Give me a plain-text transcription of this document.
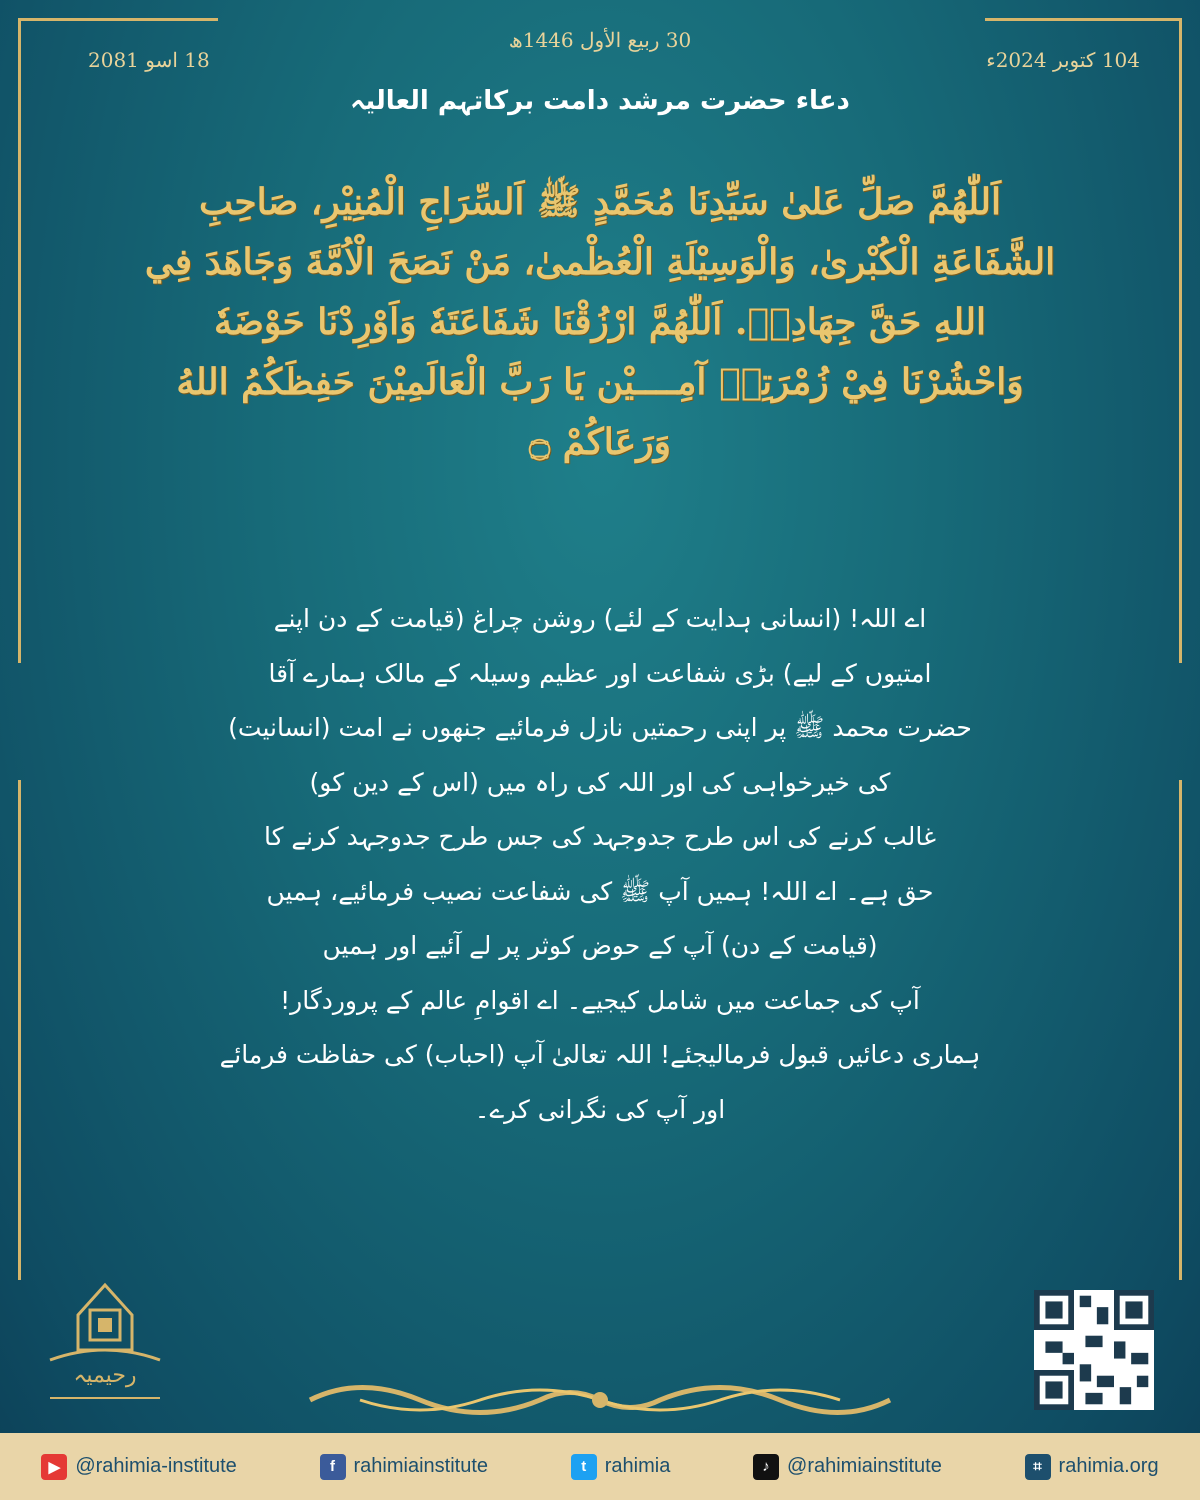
30 ربیع الأول 1446ھ
104 کتوبر 2024ء
18 اسو 2081
دعاء حضرت مرشد دامت برکاتہم العالیہ
اَللّٰهُمَّ صَلِّ عَلیٰ سَيِّدِنَا مُحَمَّدٍ ﷺ اَلسِّرَاجِ الْمُنِيْرِ، صَاحِبِ
الشَّفَاعَةِ الْكُبْریٰ، وَالْوَسِيْلَةِ الْعُظْمیٰ، مَنْ نَصَحَ الْاُمَّةَ وَجَاهَدَ فِي
اللهِ حَقَّ جِهَادِهٖ. اَللّٰهُمَّ ارْزُقْنَا شَفَاعَتَهٗ وَاَوْرِدْنَا حَوْضَهٗ
وَاحْشُرْنَا فِيْ زُمْرَتِهٖ آمِــــيْن يَا رَبَّ الْعَالَمِيْنَ حَفِظَكُمُ اللهُ
وَرَعَاكُمْ ۝
اے اللہ! (انسانی ہدایت کے لئے) روشن چراغ (قیامت کے دن اپنے
امتیوں کے لیے) بڑی شفاعت اور عظیم وسیلہ کے مالک ہمارے آقا
حضرت محمد ﷺ پر اپنی رحمتیں نازل فرمائیے جنھوں نے امت (انسانیت)
کی خیرخواہی کی اور اللہ کی راہ میں (اس کے دین کو)
غالب کرنے کی اس طرح جدوجہد کی جس طرح جدوجہد کرنے کا
حق ہے۔ اے اللہ! ہمیں آپ ﷺ کی شفاعت نصیب فرمائیے، ہمیں
(قیامت کے دن) آپ کے حوض کوثر پر لے آئیے اور ہمیں
آپ کی جماعت میں شامل کیجیے۔ اے اقوامِ عالم کے پروردگار!
ہماری دعائیں قبول فرمالیجئے! اللہ تعالیٰ آپ (احباب) کی حفاظت فرمائے
اور آپ کی نگرانی کرے۔
رحیمیہ
▶ @rahimia-institute	f rahimiainstitute	t rahimia	♪ @rahimiainstitute	⌗ rahimia.org
